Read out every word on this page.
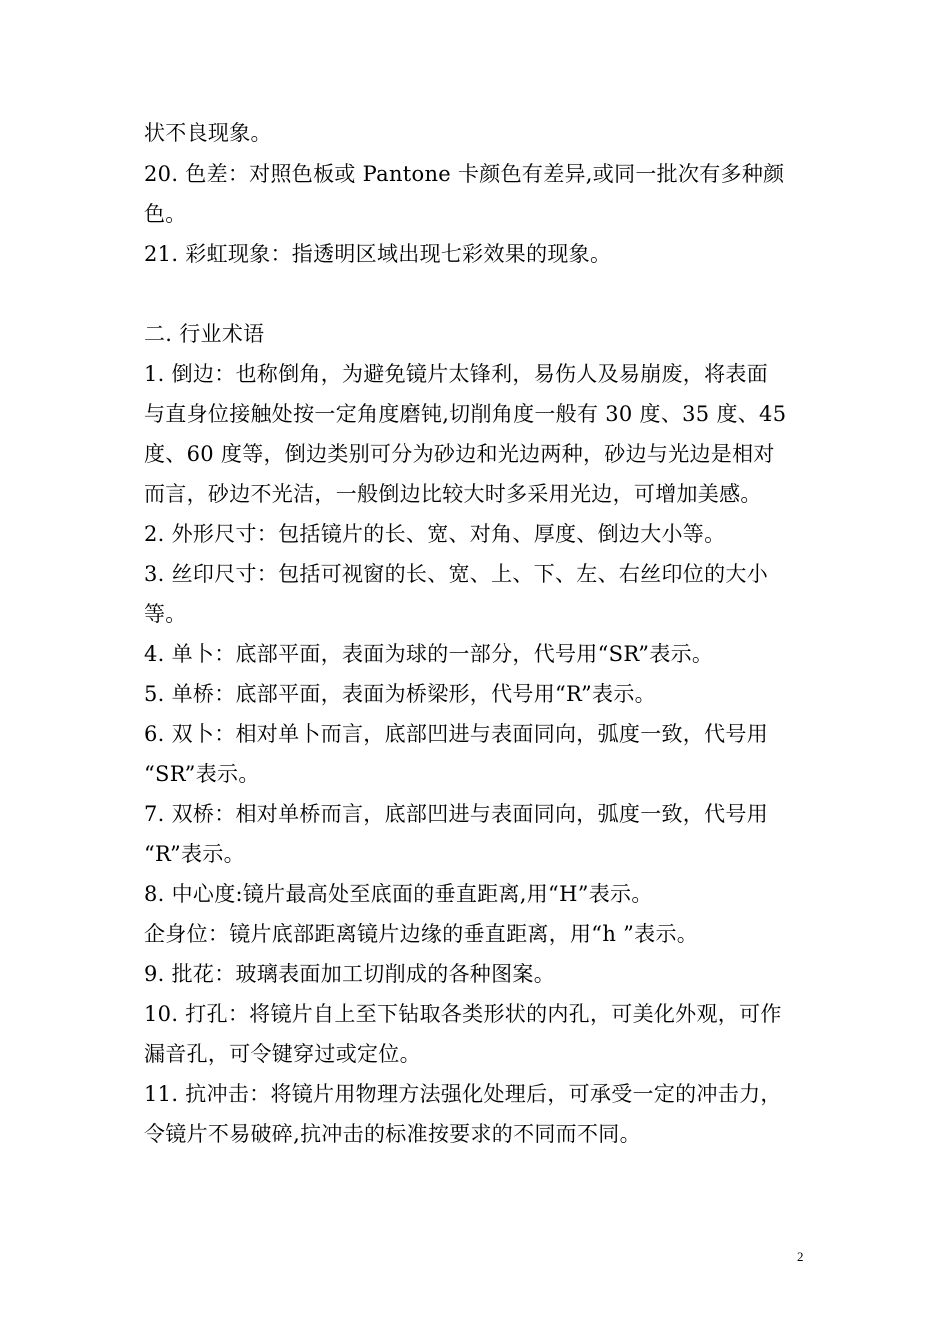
状不良现象。
20. 色差：对照色板或 Pantone 卡颜色有差异,或同一批次有多种颜
色。
21. 彩虹现象：指透明区域出现七彩效果的现象。
二. 行业术语
1. 倒边：也称倒角，为避免镜片太锋利，易伤人及易崩废，将表面
与直身位接触处按一定角度磨钝,切削角度一般有 30 度、35 度、45
度、60 度等，倒边类别可分为砂边和光边两种，砂边与光边是相对
而言，砂边不光洁，一般倒边比较大时多采用光边，可增加美感。
2. 外形尺寸：包括镜片的长、宽、对角、厚度、倒边大小等。
3. 丝印尺寸：包括可视窗的长、宽、上、下、左、右丝印位的大小
等。
4. 单卜：底部平面，表面为球的一部分，代号用“SR”表示。
5. 单桥：底部平面，表面为桥梁形，代号用“R”表示。
6. 双卜：相对单卜而言，底部凹进与表面同向，弧度一致，代号用
“SR”表示。
7. 双桥：相对单桥而言，底部凹进与表面同向，弧度一致，代号用
“R”表示。
8. 中心度:镜片最高处至底面的垂直距离,用“H”表示。
企身位：镜片底部距离镜片边缘的垂直距离，用“h ”表示。
9. 批花：玻璃表面加工切削成的各种图案。
10. 打孔：将镜片自上至下钻取各类形状的内孔，可美化外观，可作
漏音孔，可令键穿过或定位。
11. 抗冲击：将镜片用物理方法强化处理后，可承受一定的冲击力，
令镜片不易破碎,抗冲击的标准按要求的不同而不同。
2
